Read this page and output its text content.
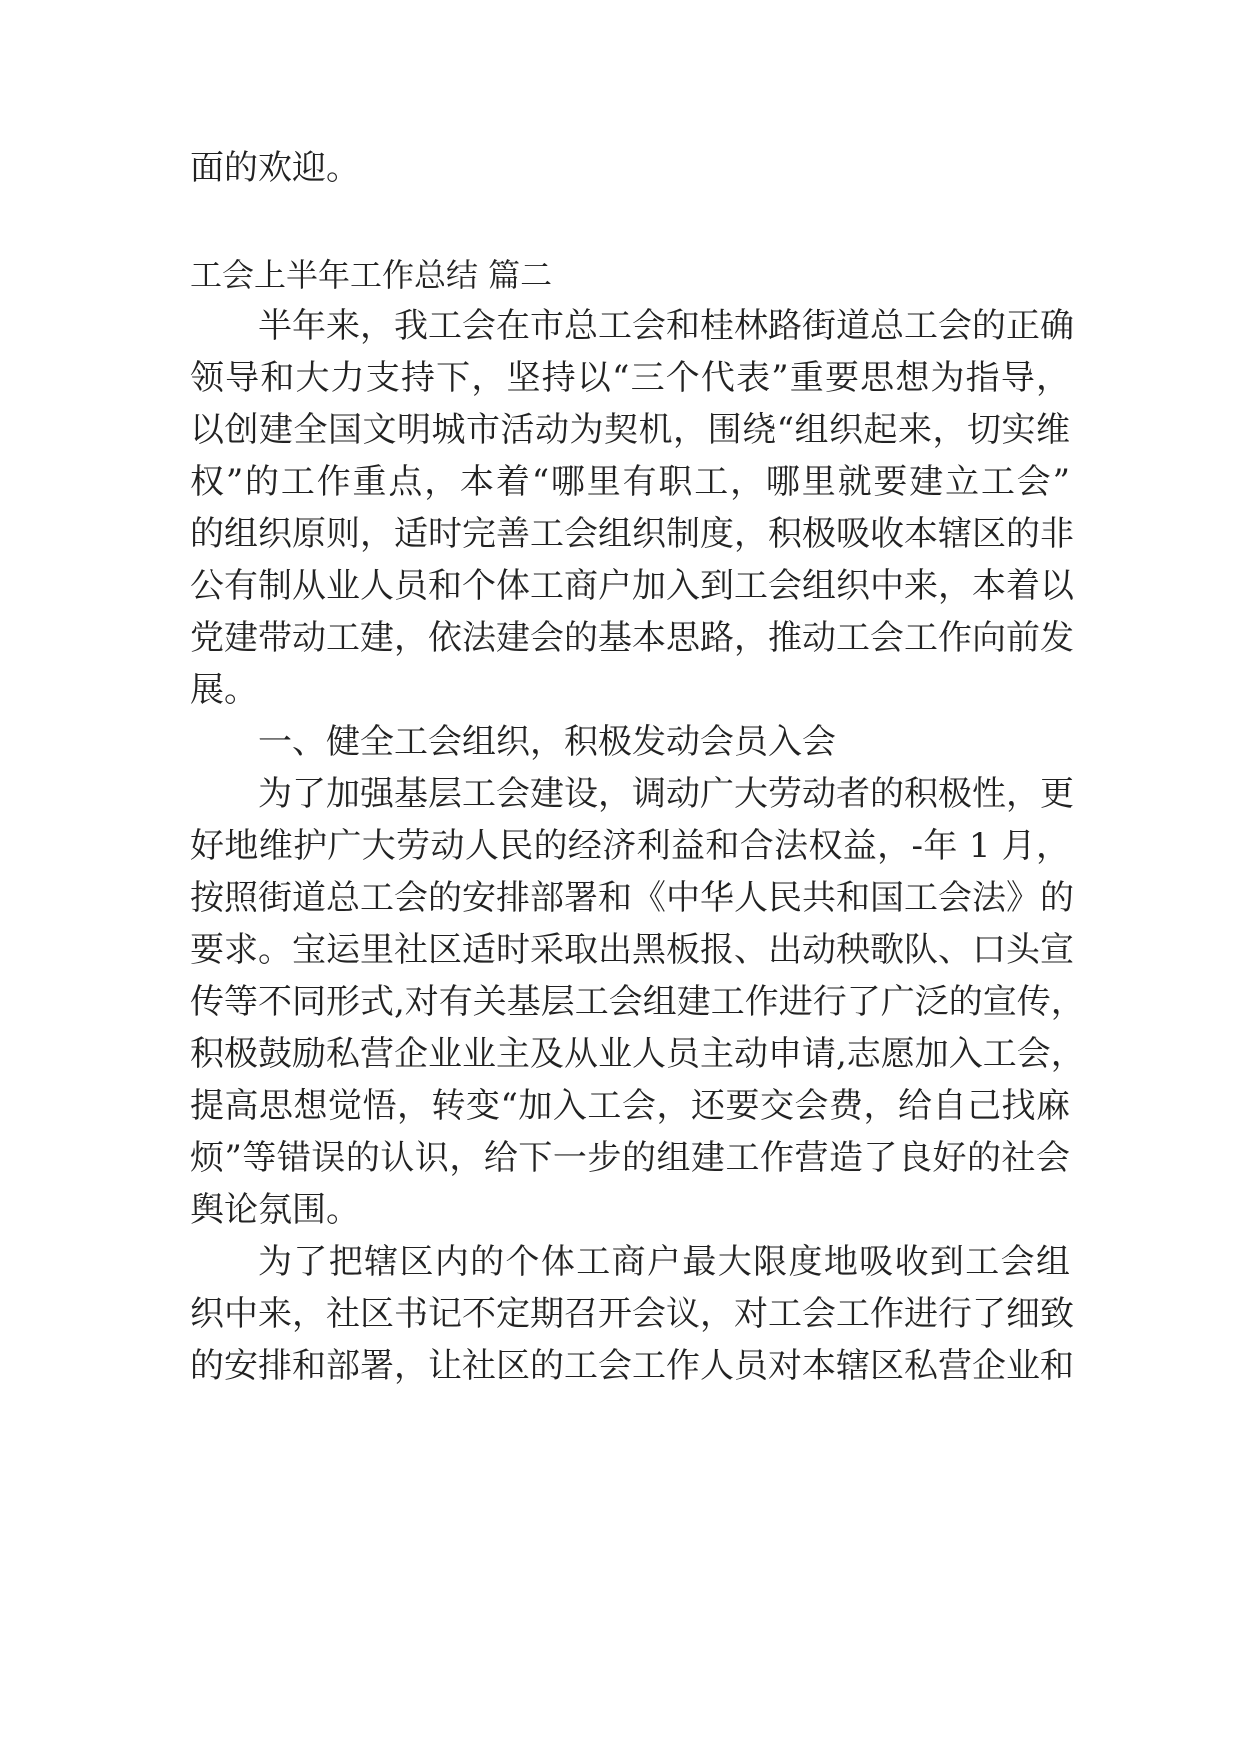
面的欢迎。
工会上半年工作总结 篇二
半年来，我工会在市总工会和桂林路街道总工会的正确
领导和大力支持下，坚持以“三个代表”重要思想为指导，
以创建全国文明城市活动为契机，围绕“组织起来，切实维
权”的工作重点，本着“哪里有职工，哪里就要建立工会”
的组织原则，适时完善工会组织制度，积极吸收本辖区的非
公有制从业人员和个体工商户加入到工会组织中来，本着以
党建带动工建，依法建会的基本思路，推动工会工作向前发
展。
一、健全工会组织，积极发动会员入会
为了加强基层工会建设，调动广大劳动者的积极性，更
好地维护广大劳动人民的经济利益和合法权益，-年 1 月，
按照街道总工会的安排部署和《中华人民共和国工会法》的
要求。宝运里社区适时采取出黑板报、出动秧歌队、口头宣
传等不同形式,对有关基层工会组建工作进行了广泛的宣传，
积极鼓励私营企业业主及从业人员主动申请,志愿加入工会，
提高思想觉悟，转变“加入工会，还要交会费，给自己找麻
烦”等错误的认识，给下一步的组建工作营造了良好的社会
舆论氛围。
为了把辖区内的个体工商户最大限度地吸收到工会组
织中来，社区书记不定期召开会议，对工会工作进行了细致
的安排和部署，让社区的工会工作人员对本辖区私营企业和
